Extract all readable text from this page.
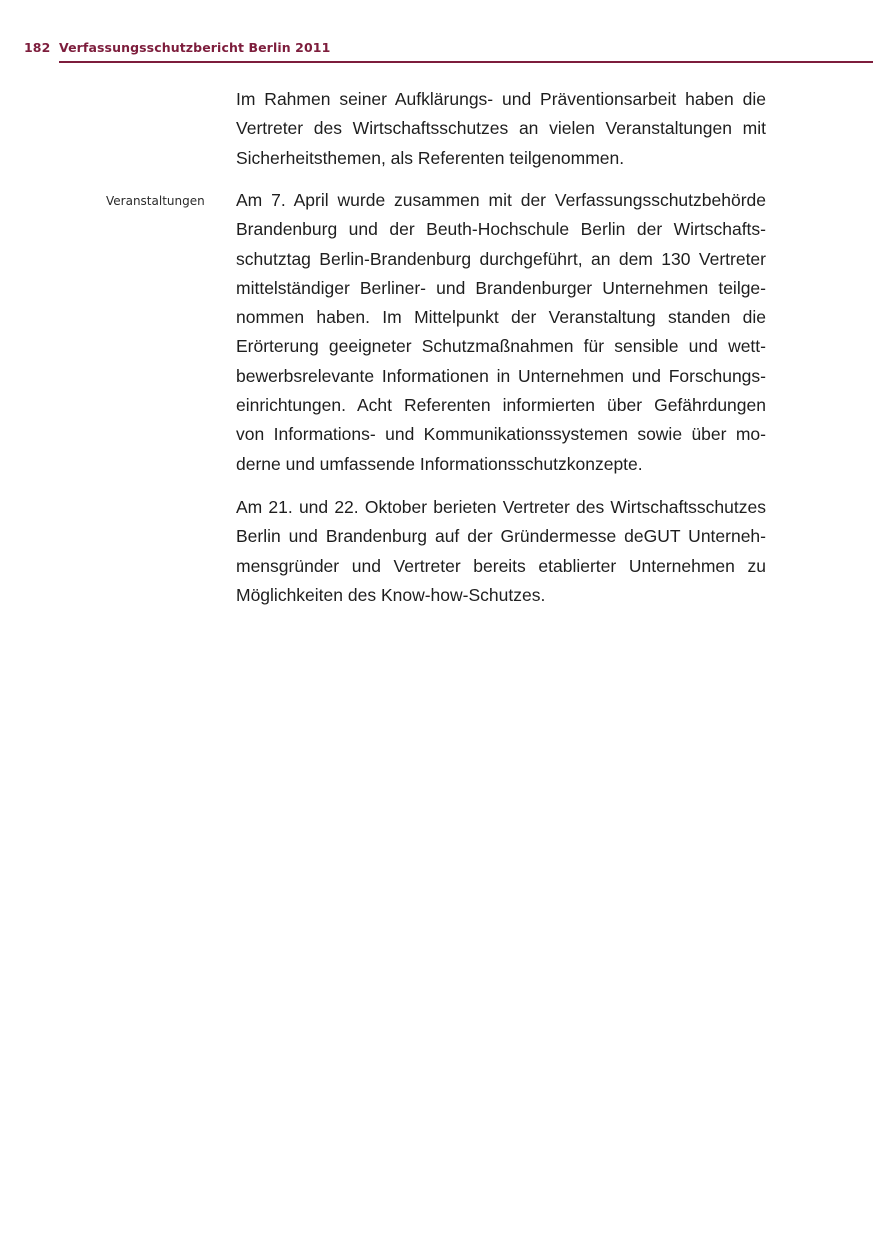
182 Verfassungsschutzbericht Berlin 2011
Veranstaltungen
Im Rahmen seiner Aufklärungs- und Präventionsarbeit haben die
Vertreter des Wirtschaftsschutzes an vielen Veranstaltungen mit
Sicherheitsthemen, als Referenten teilgenommen.
Am 7. April wurde zusammen mit der Verfassungsschutzbehörde
Brandenburg und der Beuth-Hochschule Berlin der Wirtschafts-
schutztag Berlin-Brandenburg durchgeführt, an dem 130 Vertreter
mittelständiger Berliner- und Brandenburger Unternehmen teilge-
nommen haben. Im Mittelpunkt der Veranstaltung standen die
Erörterung geeigneter Schutzmaßnahmen für sensible und wett-
bewerbsrelevante Informationen in Unternehmen und Forschungs-
einrichtungen. Acht Referenten informierten über Gefährdungen
von Informations- und Kommunikationssystemen sowie über mo-
derne und umfassende Informationsschutzkonzepte.
Am 21. und 22. Oktober berieten Vertreter des Wirtschaftsschutzes
Berlin und Brandenburg auf der Gründermesse deGUT Unterneh-
mensgründer und Vertreter bereits etablierter Unternehmen zu
Möglichkeiten des Know-how-Schutzes.
